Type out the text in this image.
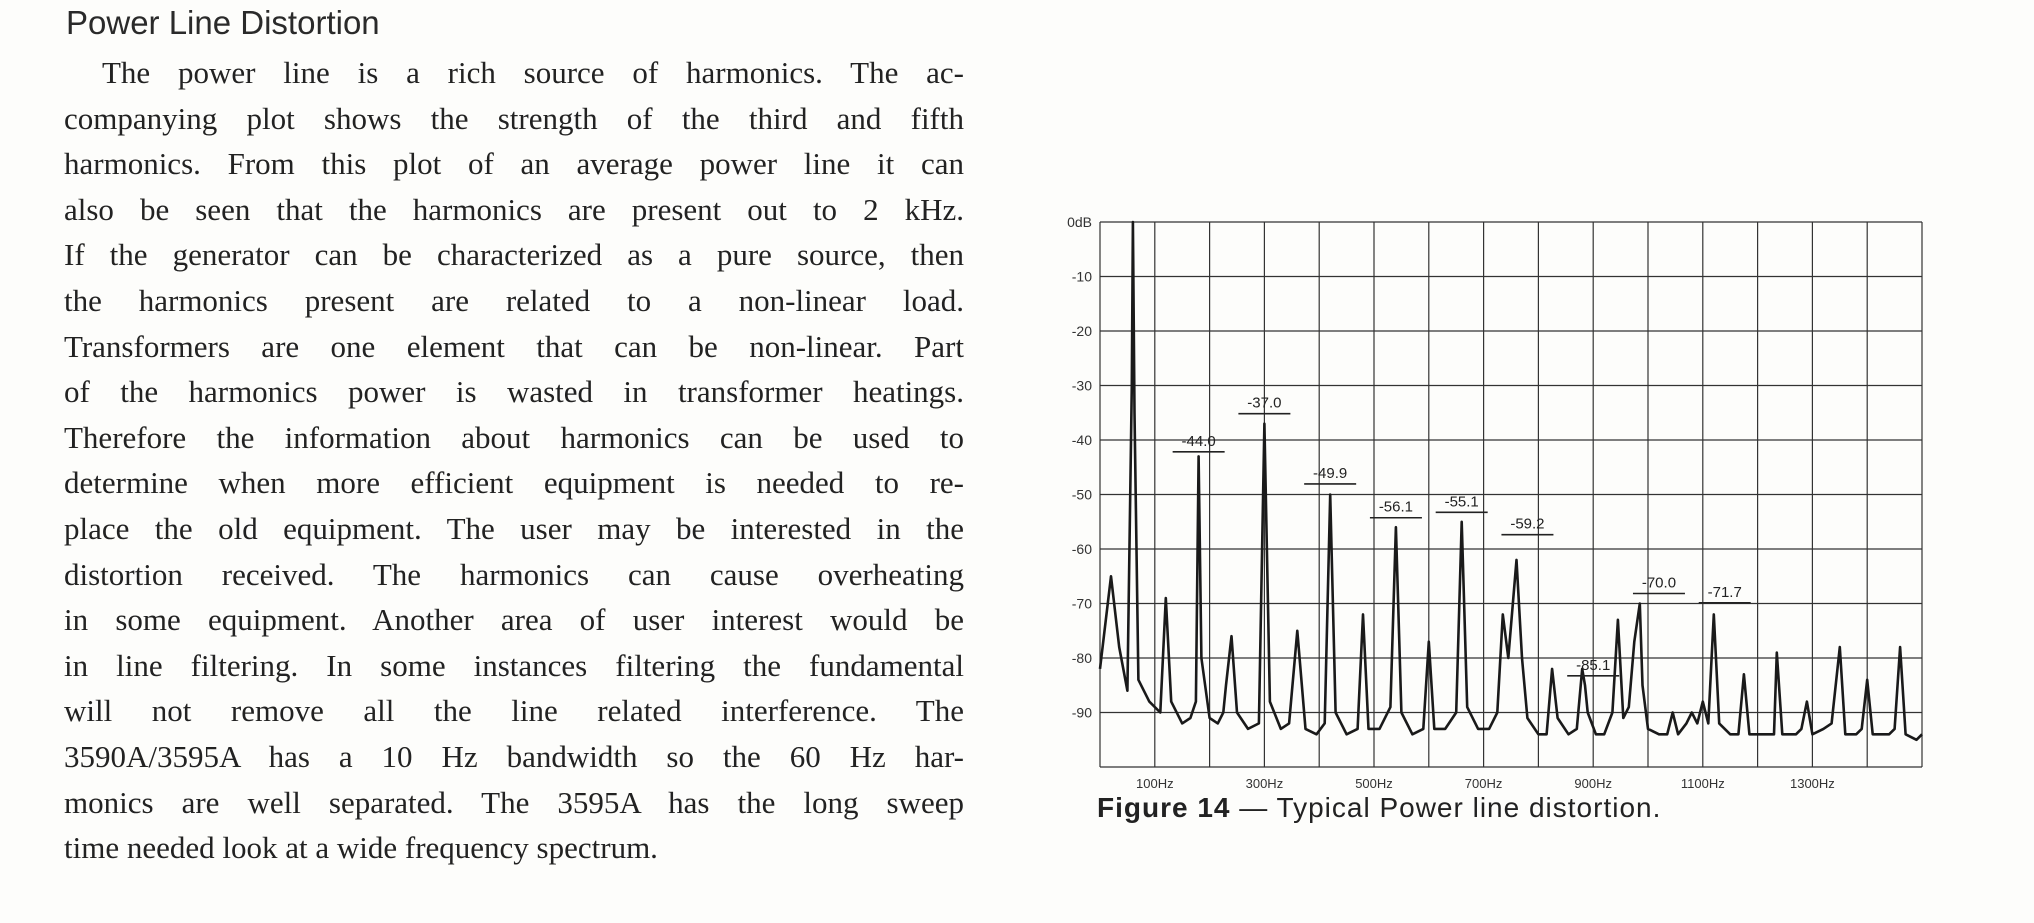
Power Line Distortion
The power line is a rich source of harmonics. The ac-
companying plot shows the strength of the third and fifth
harmonics. From this plot of an average power line it can
also be seen that the harmonics are present out to 2 kHz.
If the generator can be characterized as a pure source, then
the harmonics present are related to a non-linear load.
Transformers are one element that can be non-linear. Part
of the harmonics power is wasted in transformer heatings.
Therefore the information about harmonics can be used to
determine when more efficient equipment is needed to re-
place the old equipment. The user may be interested in the
distortion received. The harmonics can cause overheating
in some equipment. Another area of user interest would be
in line filtering. In some instances filtering the fundamental
will not remove all the line related interference. The
3590A/3595A has a 10 Hz bandwidth so the 60 Hz har-
monics are well separated. The 3595A has the long sweep
time needed look at a wide frequency spectrum.
0dB
-10
-20
-30
-40
-50
-60
-70
-80
-90
100Hz	300Hz	500Hz	700Hz	900Hz	1100Hz	1300Hz
-44.0
-37.0
-49.9
-56.1 -55.1
-59.2
-85.1
-70.0
-71.7
Figure 14 — Typical Power line distortion.
